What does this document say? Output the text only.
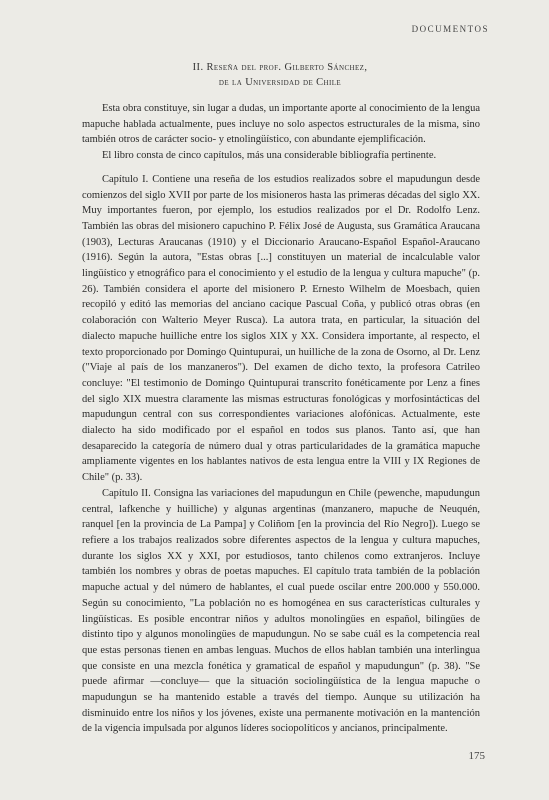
DOCUMENTOS
II. Reseña del prof. Gilberto Sánchez,
de la Universidad de Chile

Esta obra constituye, sin lugar a dudas, un importante aporte al conocimiento de la lengua mapuche hablada actualmente, pues incluye no solo aspectos estructurales de la misma, sino también otros de carácter socio- y etnolingüístico, con abundante ejemplificación.

El libro consta de cinco capítulos, más una considerable bibliografía pertinente.

Capítulo I. Contiene una reseña de los estudios realizados sobre el mapudungun desde comienzos del siglo XVII por parte de los misioneros hasta las primeras décadas del siglo XX. Muy importantes fueron, por ejemplo, los estudios realizados por el Dr. Rodolfo Lenz. También las obras del misionero capuchino P. Félix José de Augusta, sus Gramática Araucana (1903), Lecturas Araucanas (1910) y el Diccionario Araucano-Español Español-Araucano (1916). Según la autora, "Estas obras [...] constituyen un material de incalculable valor lingüístico y etnográfico para el conocimiento y el estudio de la lengua y cultura mapuche" (p. 26). También considera el aporte del misionero P. Ernesto Wilhelm de Moesbach, quien recopiló y editó las memorias del anciano cacique Pascual Coña, y publicó otras obras (en colaboración con Walterio Meyer Rusca). La autora trata, en particular, la situación del dialecto mapuche huilliche entre los siglos XIX y XX. Considera importante, al respecto, el texto proporcionado por Domingo Quintupurai, un huilliche de la zona de Osorno, al Dr. Lenz ("Viaje al país de los manzaneros"). Del examen de dicho texto, la profesora Catrileo concluye: "El testimonio de Domingo Quintupurai transcrito fonéticamente por Lenz a fines del siglo XIX muestra claramente las mismas estructuras fonológicas y morfosintácticas del mapudungun central con sus correspondientes variaciones alofónicas. Actualmente, este dialecto ha sido modificado por el español en todos sus planos. Tanto así, que han desaparecido la categoría de número dual y otras particularidades de la gramática mapuche ampliamente vigentes en los hablantes nativos de esta lengua entre la VIII y IX Regiones de Chile" (p. 33).

Capítulo II. Consigna las variaciones del mapudungun en Chile (pewenche, mapudungun central, lafkenche y huilliche) y algunas argentinas (manzanero, mapuche de Neuquén, ranquel [en la provincia de La Pampa] y Coliñom [en la provincia del Río Negro]). Luego se refiere a los trabajos realizados sobre diferentes aspectos de la lengua y cultura mapuches, durante los siglos XX y XXI, por estudiosos, tanto chilenos como extranjeros. Incluye también los nombres y obras de poetas mapuches. El capítulo trata también de la población mapuche actual y del número de hablantes, el cual puede oscilar entre 200.000 y 550.000. Según su conocimiento, "La población no es homogénea en sus características culturales y lingüísticas. Es posible encontrar niños y adultos monolingües en español, bilingües de distinto tipo y algunos monolingües de mapudungun. No se sabe cuál es la competencia real que estas personas tienen en ambas lenguas. Muchos de ellos hablan también una interlingua que consiste en una mezcla fonética y gramatical de español y mapudungun" (p. 38). "Se puede afirmar —concluye— que la situación sociolingüística de la lengua mapuche o mapudungun se ha mantenido estable a través del tiempo. Aunque su utilización ha disminuido entre los niños y los jóvenes, existe una permanente motivación en la mantención de la vigencia impulsada por algunos líderes sociopolíticos y ancianos, principalmente.

175
